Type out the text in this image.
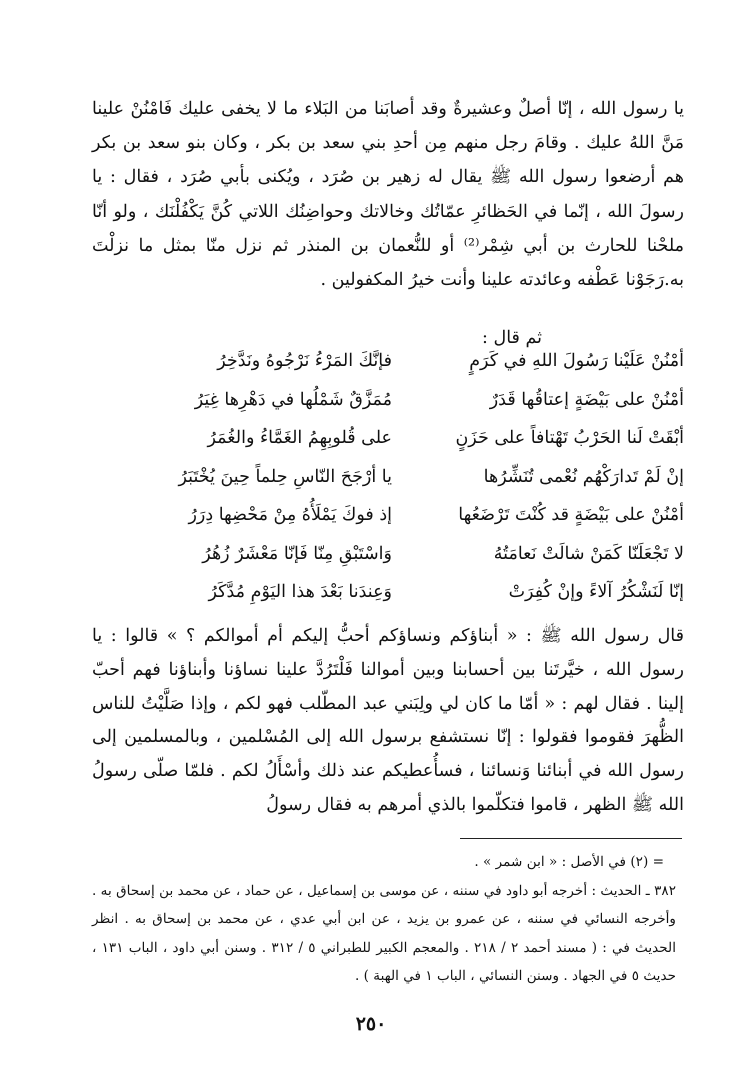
يا رسول الله ، إنّا أصلٌ وعشيرةٌ وقد أصابَنا من البَلاء ما لا يخفى عليك فَامْنُنْ علينا مَنَّ اللهُ عليك . وقامَ رجل منهم مِن أحدِ بني سعد بن بكر ، وكان بنو سعد بن بكر هم أرضعوا رسول الله ﷺ يقال له زهير بن صُرَد ، ويُكنى بأبي صُرَد ، فقال : يا رسولَ الله ، إنّما في الحَظائرِ عمّاتُك وخالاتك وحواضِنُك اللاتي كُنَّ يَكْفُلْنَك ، ولو أنّا ملحْنا للحارث بن أبي شِمْر⁽²⁾ أو للنُّعمان بن المنذر ثم نزل منّا بمثل ما نزلْتَ به.رَجَوْنا عَطْفه وعائدته علينا وأنت خيرُ المكفولين .

ثم قال :
أمْنُنْ عَلَيْنا رَسُولَ اللهِ في كَرَمٍ
فإنَّكَ المَرْءُ نَرْجُوهُ ونَدَّخِرُ
أمْنُنْ على بَيْضَةٍ إعتاقُها قَدَرٌ
مُمَزَّقٌ شَمْلُها في دَهْرِها غِيَرُ
أبْقَتْ لَنا الحَرْبُ تَهْتافاً على حَزَنٍ
على قُلوبِهِمُ الغَمَّاءُ والغُمَرُ
إنْ لَمْ تَدارَكْهُم نُعْمى تُنَشِّرُها
يا أرْجَحَ النّاسِ حِلماً حِينَ يُخْتَبَرُ
أمْنُنْ على بَيْضَةٍ قد كُنْتَ تَرْضَعُها
إذ فوكَ يَمْلَأُهُ مِنْ مَحْضِها دِرَرُ
لا تَجْعَلَنّا كَمَنْ شالَتْ نَعامَتُهُ
وَاسْتَبْقِ مِنّا فَإنّا مَعْشَرٌ زُهُرُ
إنّا لَنَشْكُرُ آلاءً وإنْ كُفِرَتْ
وَعِندَنا بَعْدَ هذا اليَوْمِ مُدَّكَرُ

قال رسول الله ﷺ : « أبناؤكم ونساؤكم أحبُّ إليكم أم أموالكم ؟ » قالوا : يا رسول الله ، خيَّرتَنا بين أحسابنا وبين أموالنا فَلْتَرُدَّ علينا نساؤنا وأبناؤنا فهم أحبّ إلينا . فقال لهم : « أمّا ما كان لي ولِبَني عبد المطّلب فهو لكم ، وإذا صَلَّيْتُ للناس الظُّهرَ فقوموا فقولوا : إنّا نستشفع برسول الله إلى المُسْلمين ، وبالمسلمين إلى رسول الله في أبنائنا وَنسائنا ، فسأُعطيكم عند ذلك وأسْأَلُ لكم . فلمّا صلّى رسولُ الله ﷺ الظهر ، قاموا فتكلّموا بالذي أمرهم به فقال رسولُ

= (٢) في الأصل : « ابن شمر » .

٣٨٢ ـ الحديث : أخرجه أبو داود في سننه ، عن موسى بن إسماعيل ، عن حماد ، عن محمد بن إسحاق به . وأخرجه النسائي في سننه ، عن عمرو بن يزيد ، عن ابن أبي عدي ، عن محمد بن إسحاق به . انظر الحديث في : ( مسند أحمد ٢ / ٢١٨ . والمعجم الكبير للطبراني ٥ / ٣١٢ . وسنن أبي داود ، الباب ١٣١ ، حديث ٥ في الجهاد . وسنن النسائي ، الباب ١ في الهبة ) .

٢٥٠
